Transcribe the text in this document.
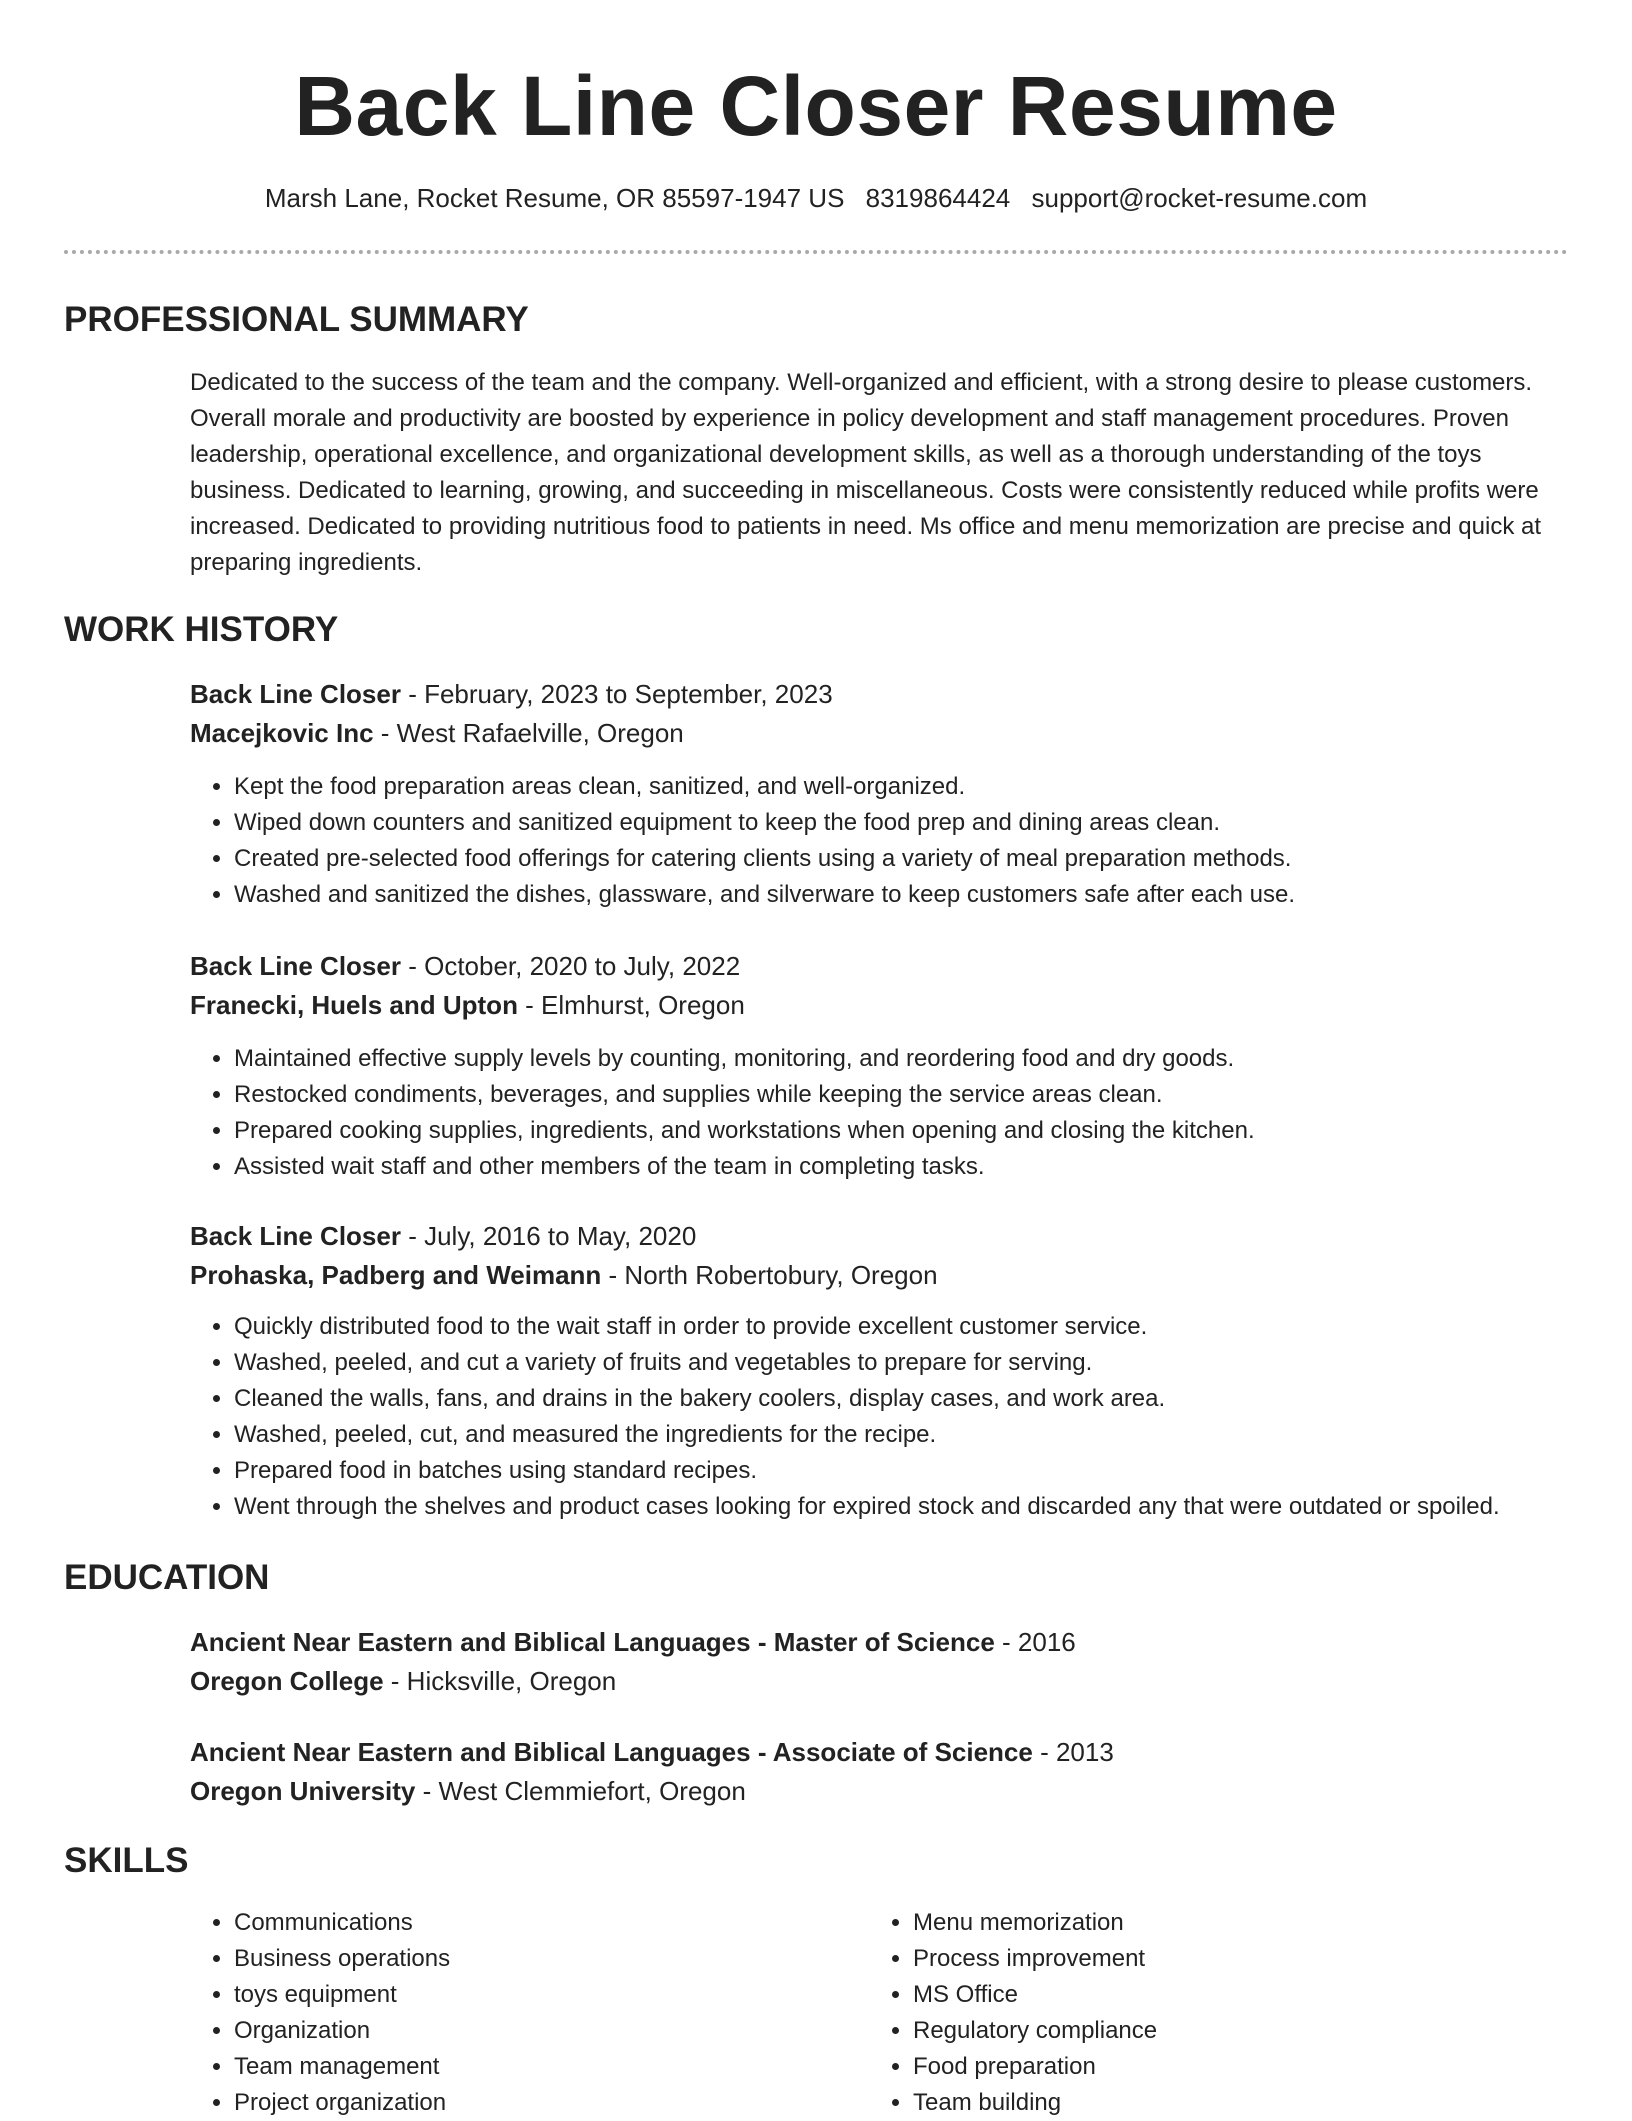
Back Line Closer Resume
Marsh Lane, Rocket Resume, OR 85597-1947 US 8319864424 support@rocket-resume.com
PROFESSIONAL SUMMARY

Dedicated to the success of the team and the company. Well-organized and efficient, with a strong desire to please customers. Overall morale and productivity are boosted by experience in policy development and staff management procedures. Proven leadership, operational excellence, and organizational development skills, as well as a thorough understanding of the toys business. Dedicated to learning, growing, and succeeding in miscellaneous. Costs were consistently reduced while profits were increased. Dedicated to providing nutritious food to patients in need. Ms office and menu memorization are precise and quick at preparing ingredients.

WORK HISTORY

Back Line Closer - February, 2023 to September, 2023

Macejkovic Inc - West Rafaelville, Oregon

• Kept the food preparation areas clean, sanitized, and well-organized.
• Wiped down counters and sanitized equipment to keep the food prep and dining areas clean.
• Created pre-selected food offerings for catering clients using a variety of meal preparation methods.
• Washed and sanitized the dishes, glassware, and silverware to keep customers safe after each use.

Back Line Closer - October, 2020 to July, 2022

Franecki, Huels and Upton - Elmhurst, Oregon

• Maintained effective supply levels by counting, monitoring, and reordering food and dry goods.
• Restocked condiments, beverages, and supplies while keeping the service areas clean.
• Prepared cooking supplies, ingredients, and workstations when opening and closing the kitchen.
• Assisted wait staff and other members of the team in completing tasks.

Back Line Closer - July, 2016 to May, 2020

Prohaska, Padberg and Weimann - North Robertobury, Oregon

• Quickly distributed food to the wait staff in order to provide excellent customer service.
• Washed, peeled, and cut a variety of fruits and vegetables to prepare for serving.
• Cleaned the walls, fans, and drains in the bakery coolers, display cases, and work area.
• Washed, peeled, cut, and measured the ingredients for the recipe.
• Prepared food in batches using standard recipes.
• Went through the shelves and product cases looking for expired stock and discarded any that were outdated or spoiled.
EDUCATION

Ancient Near Eastern and Biblical Languages - Master of Science - 2016

Oregon College - Hicksville, Oregon

Ancient Near Eastern and Biblical Languages - Associate of Science - 2013

Oregon University - West Clemmiefort, Oregon

SKILLS
• Communications
• Business operations
• toys equipment
• Organization
• Team management
• Project organization
• Menu memorization
• Process improvement
• MS Office
• Regulatory compliance
• Food preparation
• Team building
